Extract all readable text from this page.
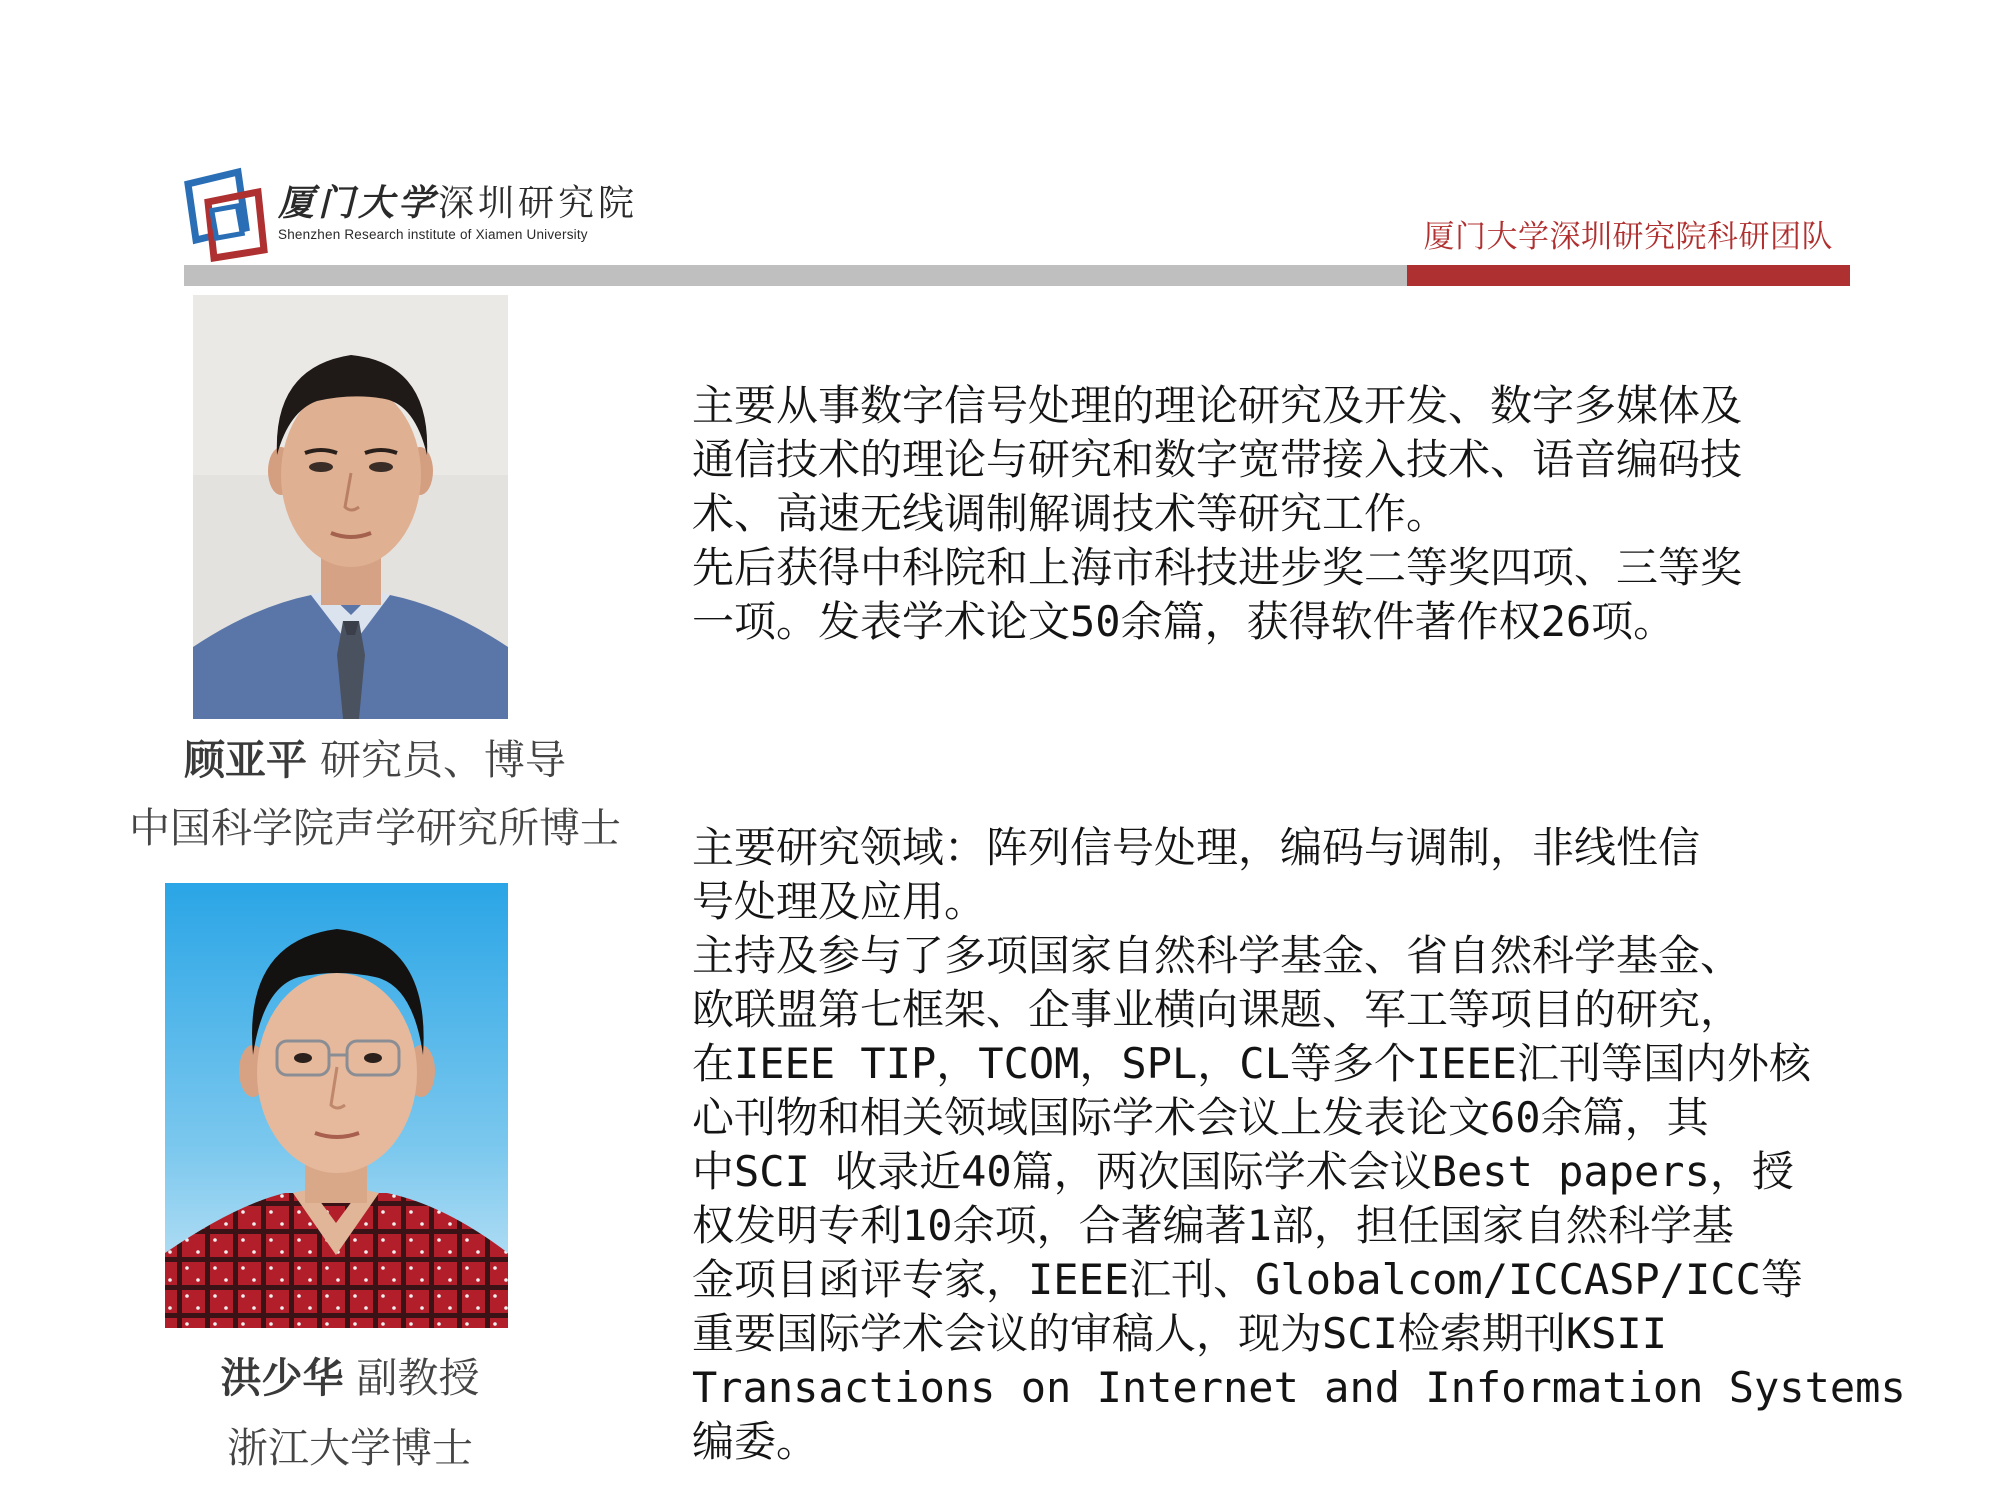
厦门大学深圳研究院
Shenzhen Research institute of Xiamen University	厦门大学深圳研究院科研团队
顾亚平 研究员、博导
中国科学院声学研究所博士
主要从事数字信号处理的理论研究及开发、数字多媒体及
通信技术的理论与研究和数字宽带接入技术、语音编码技
术、高速无线调制解调技术等研究工作。
先后获得中科院和上海市科技进步奖二等奖四项、三等奖
一项。发表学术论文50余篇，获得软件著作权26项。
洪少华 副教授
浙江大学博士
主要研究领域：阵列信号处理，编码与调制，非线性信
号处理及应用。
主持及参与了多项国家自然科学基金、省自然科学基金、
欧联盟第七框架、企事业横向课题、军工等项目的研究，
在IEEE TIP，TCOM，SPL，CL等多个IEEE汇刊等国内外核
心刊物和相关领域国际学术会议上发表论文60余篇，其
中SCI 收录近40篇，两次国际学术会议Best papers，授
权发明专利10余项，合著编著1部，担任国家自然科学基
金项目函评专家，IEEE汇刊、Globalcom/ICCASP/ICC等
重要国际学术会议的审稿人，现为SCI检索期刊KSII
Transactions on Internet and Information Systems
编委。
